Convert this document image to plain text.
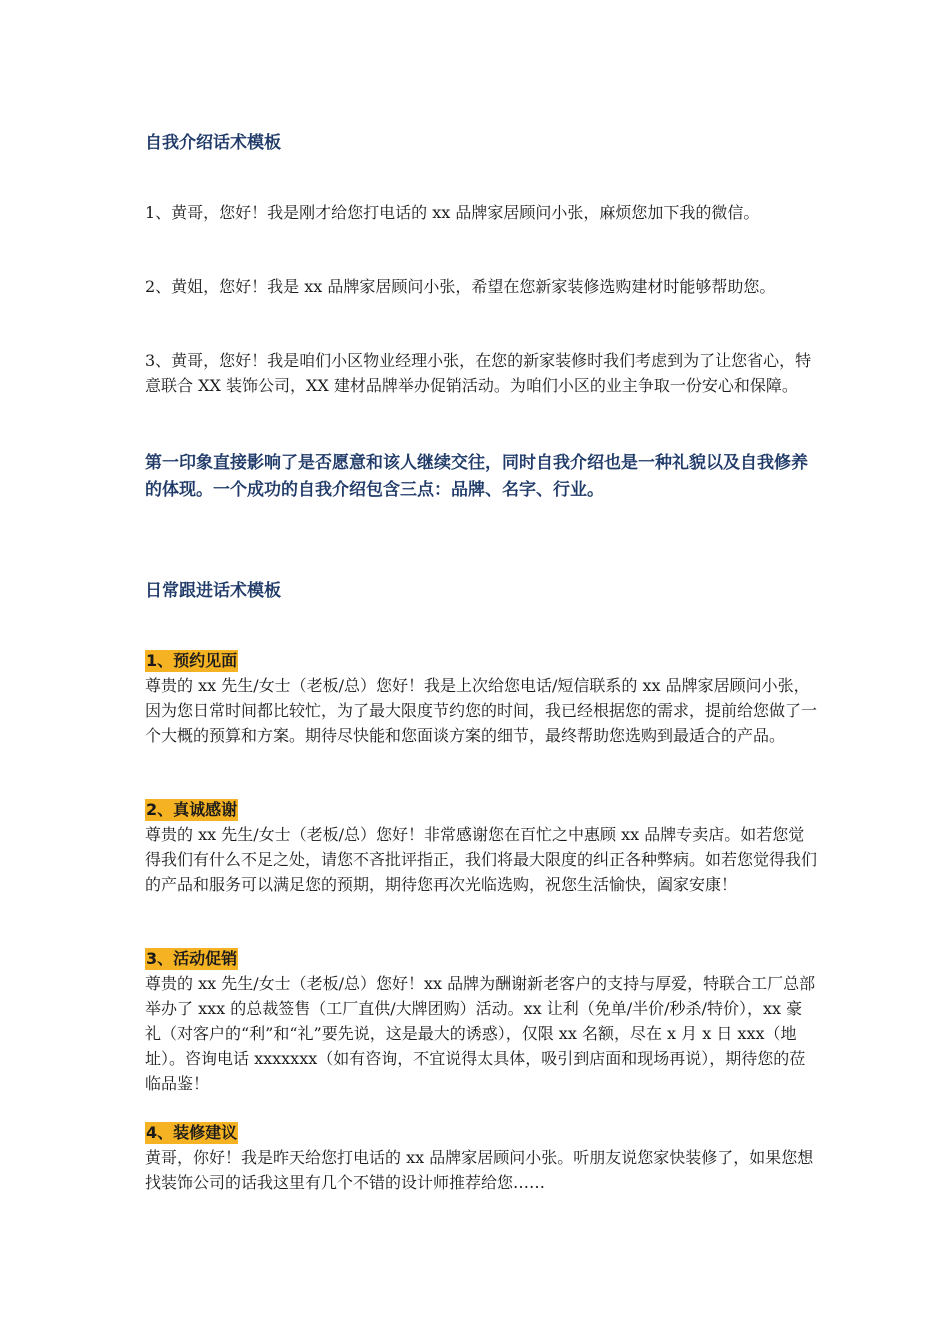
自我介绍话术模板
1、黄哥，您好！我是刚才给您打电话的 xx 品牌家居顾问小张，麻烦您加下我的微信。
2、黄姐，您好！我是 xx 品牌家居顾问小张，希望在您新家装修选购建材时能够帮助您。
3、黄哥，您好！我是咱们小区物业经理小张，在您的新家装修时我们考虑到为了让您省心，特意联合 XX 装饰公司，XX 建材品牌举办促销活动。为咱们小区的业主争取一份安心和保障。
第一印象直接影响了是否愿意和该人继续交往，同时自我介绍也是一种礼貌以及自我修养的体现。一个成功的自我介绍包含三点：品牌、名字、行业。
日常跟进话术模板
1、预约见面
尊贵的 xx 先生/女士（老板/总）您好！我是上次给您电话/短信联系的 xx 品牌家居顾问小张，因为您日常时间都比较忙，为了最大限度节约您的时间，我已经根据您的需求，提前给您做了一个大概的预算和方案。期待尽快能和您面谈方案的细节，最终帮助您选购到最适合的产品。
2、真诚感谢
尊贵的 xx 先生/女士（老板/总）您好！非常感谢您在百忙之中惠顾 xx 品牌专卖店。如若您觉得我们有什么不足之处，请您不吝批评指正，我们将最大限度的纠正各种弊病。如若您觉得我们的产品和服务可以满足您的预期，期待您再次光临选购，祝您生活愉快，阖家安康！
3、活动促销
尊贵的 xx 先生/女士（老板/总）您好！xx 品牌为酬谢新老客户的支持与厚爱，特联合工厂总部举办了 xxx 的总裁签售（工厂直供/大牌团购）活动。xx 让利（免单/半价/秒杀/特价），xx 豪礼（对客户的“利”和“礼”要先说，这是最大的诱惑），仅限 xx 名额，尽在 x 月 x 日 xxx（地址）。咨询电话 xxxxxxx（如有咨询，不宜说得太具体，吸引到店面和现场再说），期待您的莅临品鉴！
4、装修建议
黄哥，你好！我是昨天给您打电话的 xx 品牌家居顾问小张。听朋友说您家快装修了，如果您想找装饰公司的话我这里有几个不错的设计师推荐给您……
